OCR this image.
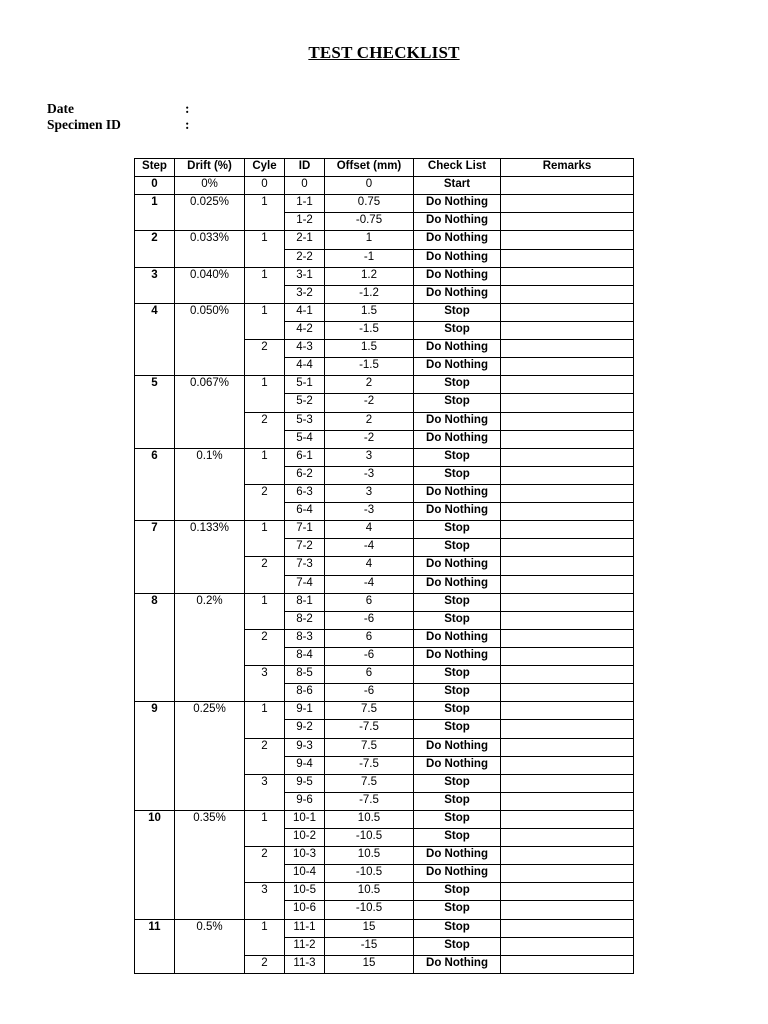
TEST CHECKLIST
Date	:
Specimen ID	:
Step	Drift (%)	Cyle	ID	Offset (mm)	Check List	Remarks
0	0%	0	0	0	Start	
1	0.025%	1	1-1	0.75	Do Nothing	
			1-2	-0.75	Do Nothing	
2	0.033%	1	2-1	1	Do Nothing	
			2-2	-1	Do Nothing	
3	0.040%	1	3-1	1.2	Do Nothing	
			3-2	-1.2	Do Nothing	
4	0.050%	1	4-1	1.5	Stop	
			4-2	-1.5	Stop	
		2	4-3	1.5	Do Nothing	
			4-4	-1.5	Do Nothing	
5	0.067%	1	5-1	2	Stop	
			5-2	-2	Stop	
		2	5-3	2	Do Nothing	
			5-4	-2	Do Nothing	
6	0.1%	1	6-1	3	Stop	
			6-2	-3	Stop	
		2	6-3	3	Do Nothing	
			6-4	-3	Do Nothing	
7	0.133%	1	7-1	4	Stop	
			7-2	-4	Stop	
		2	7-3	4	Do Nothing	
			7-4	-4	Do Nothing	
8	0.2%	1	8-1	6	Stop	
			8-2	-6	Stop	
		2	8-3	6	Do Nothing	
			8-4	-6	Do Nothing	
		3	8-5	6	Stop	
			8-6	-6	Stop	
9	0.25%	1	9-1	7.5	Stop	
			9-2	-7.5	Stop	
		2	9-3	7.5	Do Nothing	
			9-4	-7.5	Do Nothing	
		3	9-5	7.5	Stop	
			9-6	-7.5	Stop	
10	0.35%	1	10-1	10.5	Stop	
			10-2	-10.5	Stop	
		2	10-3	10.5	Do Nothing	
			10-4	-10.5	Do Nothing	
		3	10-5	10.5	Stop	
			10-6	-10.5	Stop	
11	0.5%	1	11-1	15	Stop	
			11-2	-15	Stop	
		2	11-3	15	Do Nothing	
